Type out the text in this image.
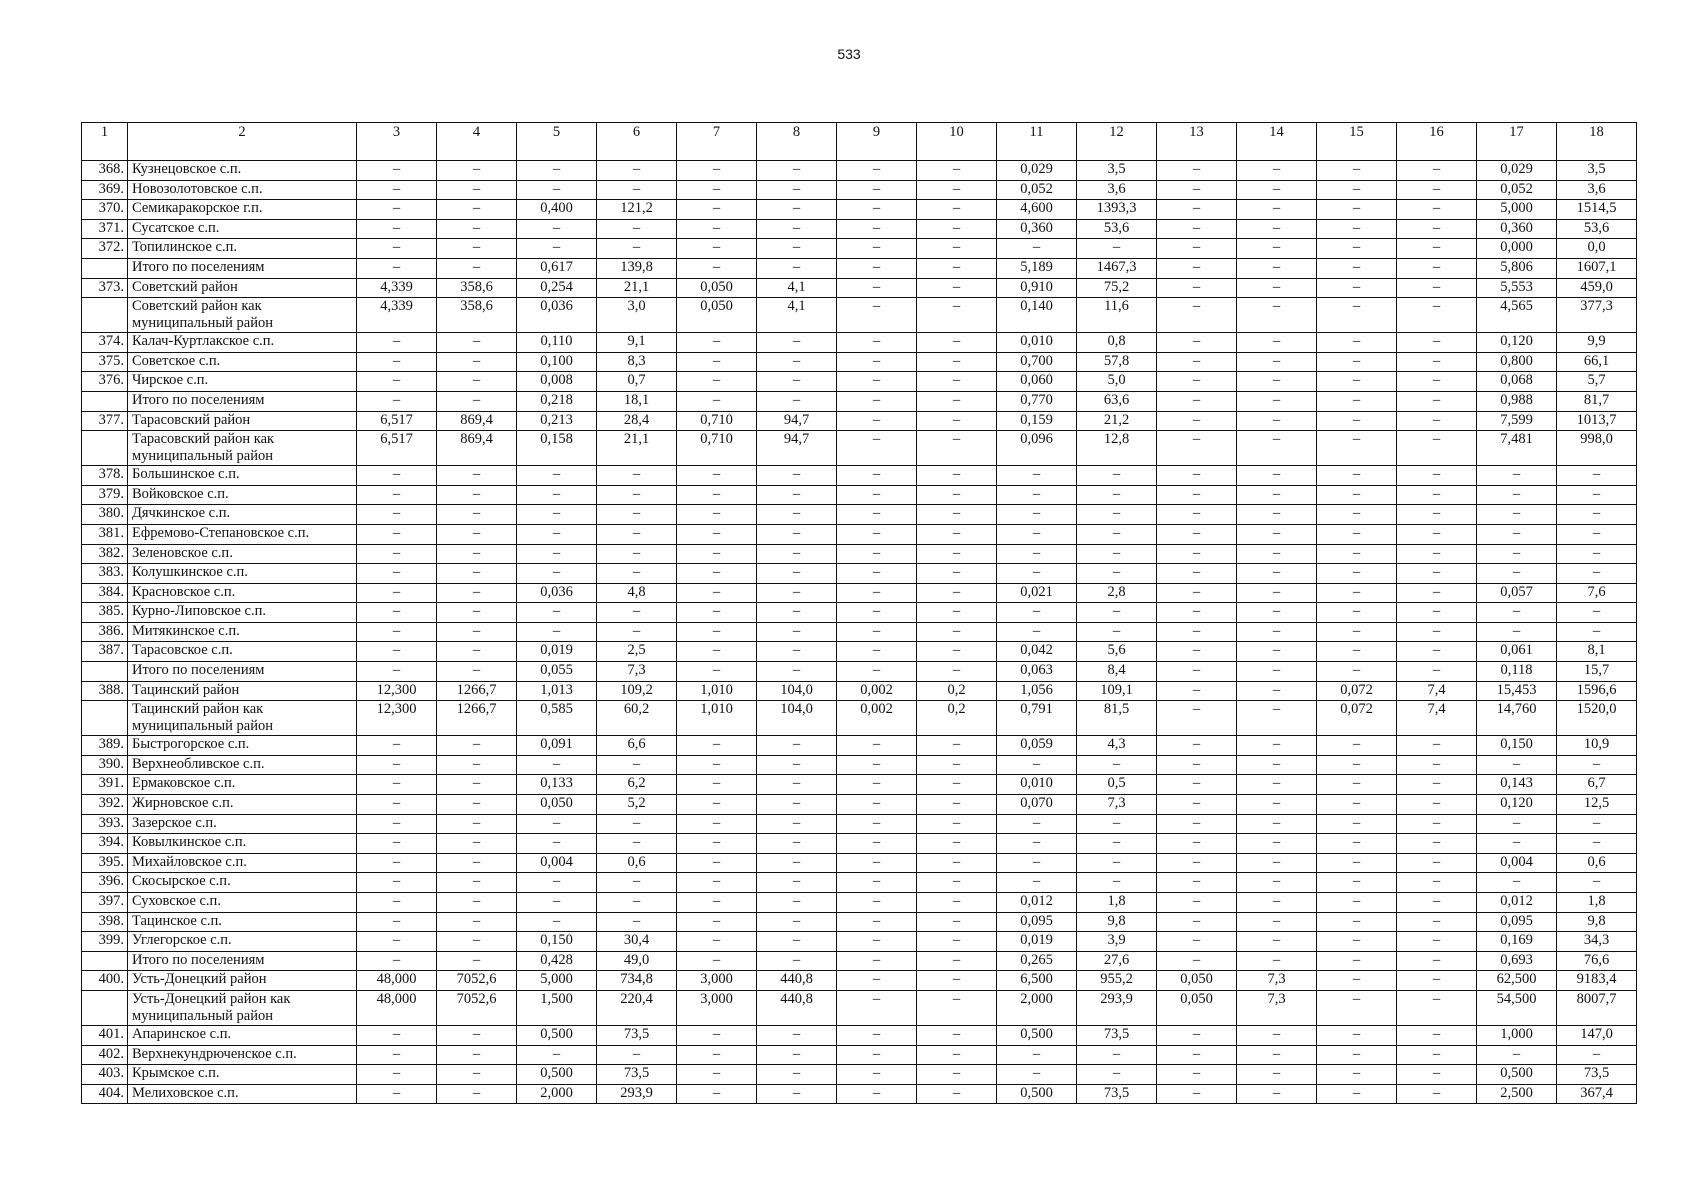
533
1	2	3	4	5	6	7	8	9	10	11	12	13	14	15	16	17	18
368.	Кузнецовское с.п.	–	–	–	–	–	–	–	–	0,029	3,5	–	–	–	–	0,029	3,5
369.	Новозолотовское с.п.	–	–	–	–	–	–	–	–	0,052	3,6	–	–	–	–	0,052	3,6
370.	Семикаракорское г.п.	–	–	0,400	121,2	–	–	–	–	4,600	1393,3	–	–	–	–	5,000	1514,5
371.	Сусатское с.п.	–	–	–	–	–	–	–	–	0,360	53,6	–	–	–	–	0,360	53,6
372.	Топилинское с.п.	–	–	–	–	–	–	–	–	–	–	–	–	–	–	0,000	0,0
	Итого по поселениям	–	–	0,617	139,8	–	–	–	–	5,189	1467,3	–	–	–	–	5,806	1607,1
373.	Советский район	4,339	358,6	0,254	21,1	0,050	4,1	–	–	0,910	75,2	–	–	–	–	5,553	459,0
	Советский район как муниципальный район	4,339	358,6	0,036	3,0	0,050	4,1	–	–	0,140	11,6	–	–	–	–	4,565	377,3
374.	Калач-Куртлакское с.п.	–	–	0,110	9,1	–	–	–	–	0,010	0,8	–	–	–	–	0,120	9,9
375.	Советское с.п.	–	–	0,100	8,3	–	–	–	–	0,700	57,8	–	–	–	–	0,800	66,1
376.	Чирское с.п.	–	–	0,008	0,7	–	–	–	–	0,060	5,0	–	–	–	–	0,068	5,7
	Итого по поселениям	–	–	0,218	18,1	–	–	–	–	0,770	63,6	–	–	–	–	0,988	81,7
377.	Тарасовский район	6,517	869,4	0,213	28,4	0,710	94,7	–	–	0,159	21,2	–	–	–	–	7,599	1013,7
	Тарасовский район как муниципальный район	6,517	869,4	0,158	21,1	0,710	94,7	–	–	0,096	12,8	–	–	–	–	7,481	998,0
378.	Большинское с.п.	–	–	–	–	–	–	–	–	–	–	–	–	–	–	–	–
379.	Войковское с.п.	–	–	–	–	–	–	–	–	–	–	–	–	–	–	–	–
380.	Дячкинское с.п.	–	–	–	–	–	–	–	–	–	–	–	–	–	–	–	–
381.	Ефремово-Степановское с.п.	–	–	–	–	–	–	–	–	–	–	–	–	–	–	–	–
382.	Зеленовское с.п.	–	–	–	–	–	–	–	–	–	–	–	–	–	–	–	–
383.	Колушкинское с.п.	–	–	–	–	–	–	–	–	–	–	–	–	–	–	–	–
384.	Красновское с.п.	–	–	0,036	4,8	–	–	–	–	0,021	2,8	–	–	–	–	0,057	7,6
385.	Курно-Липовское с.п.	–	–	–	–	–	–	–	–	–	–	–	–	–	–	–	–
386.	Митякинское с.п.	–	–	–	–	–	–	–	–	–	–	–	–	–	–	–	–
387.	Тарасовское с.п.	–	–	0,019	2,5	–	–	–	–	0,042	5,6	–	–	–	–	0,061	8,1
	Итого по поселениям	–	–	0,055	7,3	–	–	–	–	0,063	8,4	–	–	–	–	0,118	15,7
388.	Тацинский район	12,300	1266,7	1,013	109,2	1,010	104,0	0,002	0,2	1,056	109,1	–	–	0,072	7,4	15,453	1596,6
	Тацинский район как муниципальный район	12,300	1266,7	0,585	60,2	1,010	104,0	0,002	0,2	0,791	81,5	–	–	0,072	7,4	14,760	1520,0
389.	Быстрогорское с.п.	–	–	0,091	6,6	–	–	–	–	0,059	4,3	–	–	–	–	0,150	10,9
390.	Верхнеобливское с.п.	–	–	–	–	–	–	–	–	–	–	–	–	–	–	–	–
391.	Ермаковское с.п.	–	–	0,133	6,2	–	–	–	–	0,010	0,5	–	–	–	–	0,143	6,7
392.	Жирновское с.п.	–	–	0,050	5,2	–	–	–	–	0,070	7,3	–	–	–	–	0,120	12,5
393.	Зазерское с.п.	–	–	–	–	–	–	–	–	–	–	–	–	–	–	–	–
394.	Ковылкинское с.п.	–	–	–	–	–	–	–	–	–	–	–	–	–	–	–	–
395.	Михайловское с.п.	–	–	0,004	0,6	–	–	–	–	–	–	–	–	–	–	0,004	0,6
396.	Скосырское с.п.	–	–	–	–	–	–	–	–	–	–	–	–	–	–	–	–
397.	Суховское с.п.	–	–	–	–	–	–	–	–	0,012	1,8	–	–	–	–	0,012	1,8
398.	Тацинское с.п.	–	–	–	–	–	–	–	–	0,095	9,8	–	–	–	–	0,095	9,8
399.	Углегорское с.п.	–	–	0,150	30,4	–	–	–	–	0,019	3,9	–	–	–	–	0,169	34,3
	Итого по поселениям	–	–	0,428	49,0	–	–	–	–	0,265	27,6	–	–	–	–	0,693	76,6
400.	Усть-Донецкий район	48,000	7052,6	5,000	734,8	3,000	440,8	–	–	6,500	955,2	0,050	7,3	–	–	62,500	9183,4
	Усть-Донецкий район как муниципальный район	48,000	7052,6	1,500	220,4	3,000	440,8	–	–	2,000	293,9	0,050	7,3	–	–	54,500	8007,7
401.	Апаринское с.п.	–	–	0,500	73,5	–	–	–	–	0,500	73,5	–	–	–	–	1,000	147,0
402.	Верхнекундрюченское с.п.	–	–	–	–	–	–	–	–	–	–	–	–	–	–	–	–
403.	Крымское с.п.	–	–	0,500	73,5	–	–	–	–	–	–	–	–	–	–	0,500	73,5
404.	Мелиховское с.п.	–	–	2,000	293,9	–	–	–	–	0,500	73,5	–	–	–	–	2,500	367,4
